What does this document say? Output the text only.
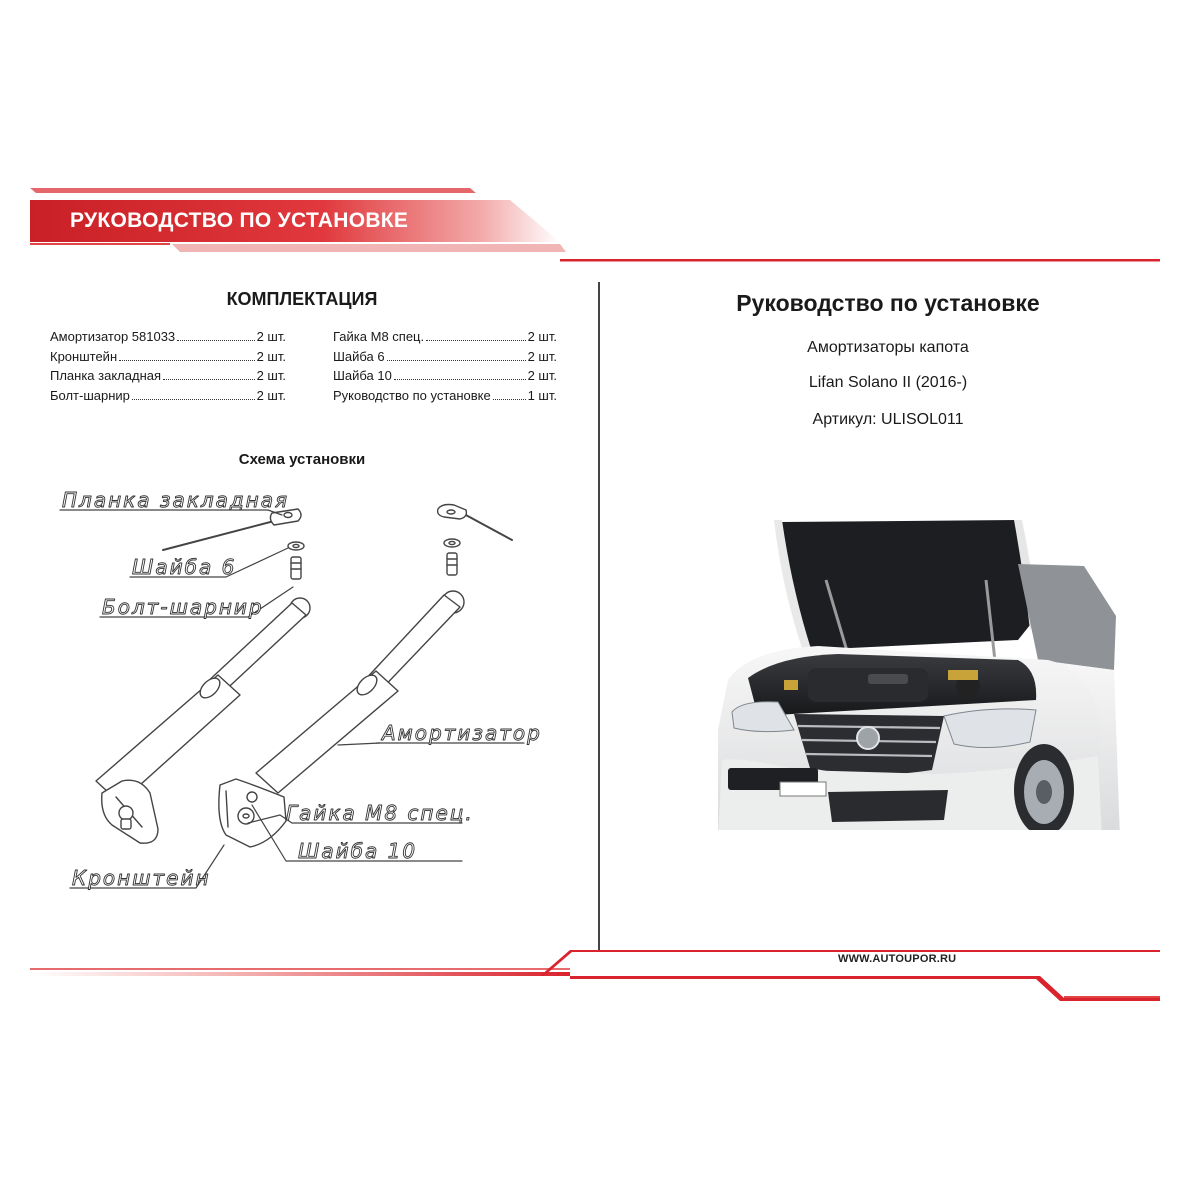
РУКОВОДСТВО ПО УСТАНОВКЕ
КОМПЛЕКТАЦИЯ
Амортизатор 581033	2 шт.
Кронштейн	2 шт.
Планка закладная	2 шт.
Болт-шарнир	2 шт.
Гайка М8 спец.	2 шт.
Шайба 6	2 шт.
Шайба 10	2 шт.
Руководство по установке	1 шт.
Схема установки
Планка закладная
Шайба 6
Болт-шарнир
Амортизатор
Гайка М8 спец.
Шайба 10
Кронштейн
Руководство по установке
Амортизаторы капота
Lifan Solano II (2016-)
Артикул: ULISOL011
WWW.AUTOUPOR.RU
